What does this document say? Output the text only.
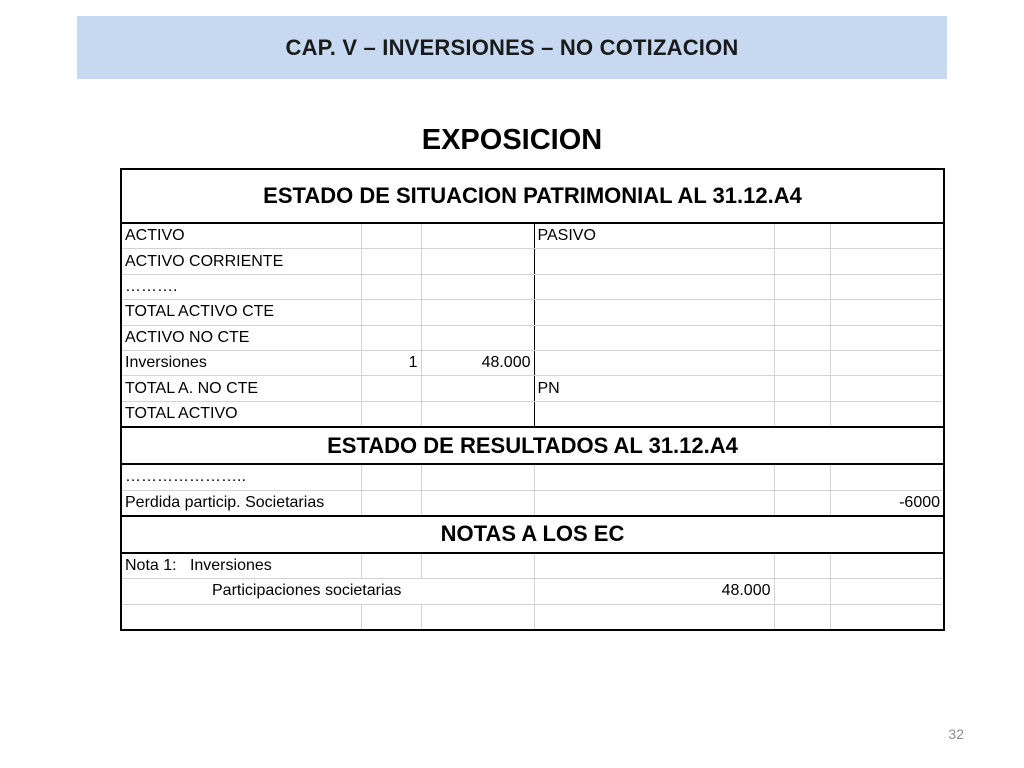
CAP. V – INVERSIONES – NO COTIZACION
EXPOSICION
ESTADO DE SITUACION PATRIMONIAL AL 31.12.A4					
ACTIVO			PASIVO		
ACTIVO CORRIENTE					
……….					
TOTAL ACTIVO CTE					
ACTIVO NO CTE					
Inversiones	1	48.000			
TOTAL A. NO CTE			PN		
TOTAL ACTIVO					
ESTADO DE RESULTADOS AL 31.12.A4					
…………………..					
Perdida particip. Societarias					-6000
NOTAS A LOS EC					
Nota 1: Inversiones					
Participaciones societarias			48.000		

32
